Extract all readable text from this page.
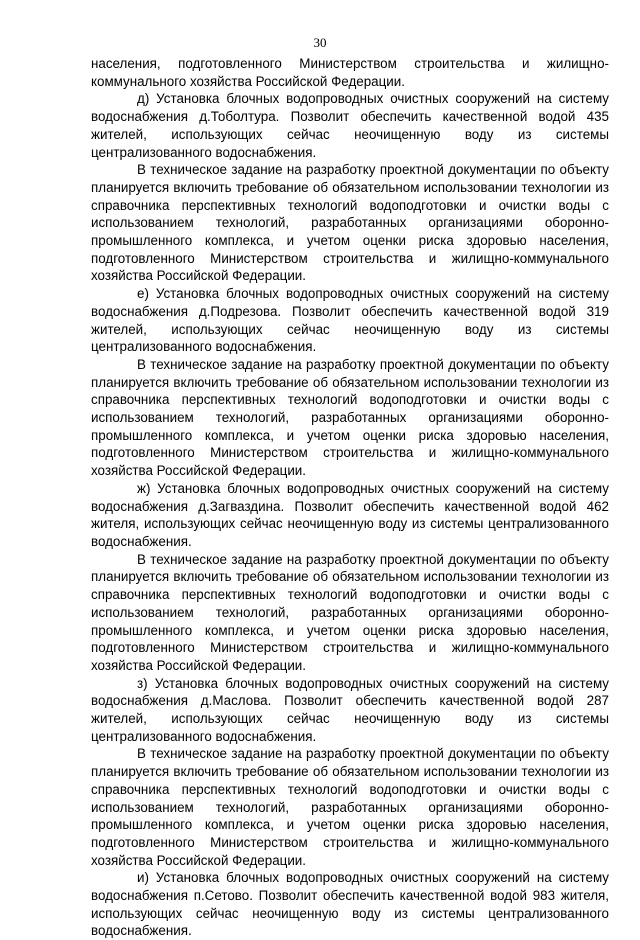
30

населения, подготовленного Министерством строительства и жилищно-коммунального хозяйства Российской Федерации.

д) Установка блочных водопроводных очистных сооружений на систему водоснабжения д.Тоболтура. Позволит обеспечить качественной водой 435 жителей, использующих сейчас неочищенную воду из системы централизованного водоснабжения.

В техническое задание на разработку проектной документации по объекту планируется включить требование об обязательном использовании технологии из справочника перспективных технологий водоподготовки и очистки воды с использованием технологий, разработанных организациями оборонно-промышленного комплекса, и учетом оценки риска здоровью населения, подготовленного Министерством строительства и жилищно-коммунального хозяйства Российской Федерации.

е) Установка блочных водопроводных очистных сооружений на систему водоснабжения д.Подрезова. Позволит обеспечить качественной водой 319 жителей, использующих сейчас неочищенную воду из системы централизованного водоснабжения.

В техническое задание на разработку проектной документации по объекту планируется включить требование об обязательном использовании технологии из справочника перспективных технологий водоподготовки и очистки воды с использованием технологий, разработанных организациями оборонно-промышленного комплекса, и учетом оценки риска здоровью населения, подготовленного Министерством строительства и жилищно-коммунального хозяйства Российской Федерации.

ж) Установка блочных водопроводных очистных сооружений на систему водоснабжения д.Загваздина. Позволит обеспечить качественной водой 462 жителя, использующих сейчас неочищенную воду из системы централизованного водоснабжения.

В техническое задание на разработку проектной документации по объекту планируется включить требование об обязательном использовании технологии из справочника перспективных технологий водоподготовки и очистки воды с использованием технологий, разработанных организациями оборонно-промышленного комплекса, и учетом оценки риска здоровью населения, подготовленного Министерством строительства и жилищно-коммунального хозяйства Российской Федерации.

з) Установка блочных водопроводных очистных сооружений на систему водоснабжения д.Маслова. Позволит обеспечить качественной водой 287 жителей, использующих сейчас неочищенную воду из системы централизованного водоснабжения.

В техническое задание на разработку проектной документации по объекту планируется включить требование об обязательном использовании технологии из справочника перспективных технологий водоподготовки и очистки воды с использованием технологий, разработанных организациями оборонно-промышленного комплекса, и учетом оценки риска здоровью населения, подготовленного Министерством строительства и жилищно-коммунального хозяйства Российской Федерации.

и) Установка блочных водопроводных очистных сооружений на систему водоснабжения п.Сетово. Позволит обеспечить качественной водой 983 жителя, использующих сейчас неочищенную воду из системы централизованного водоснабжения.
